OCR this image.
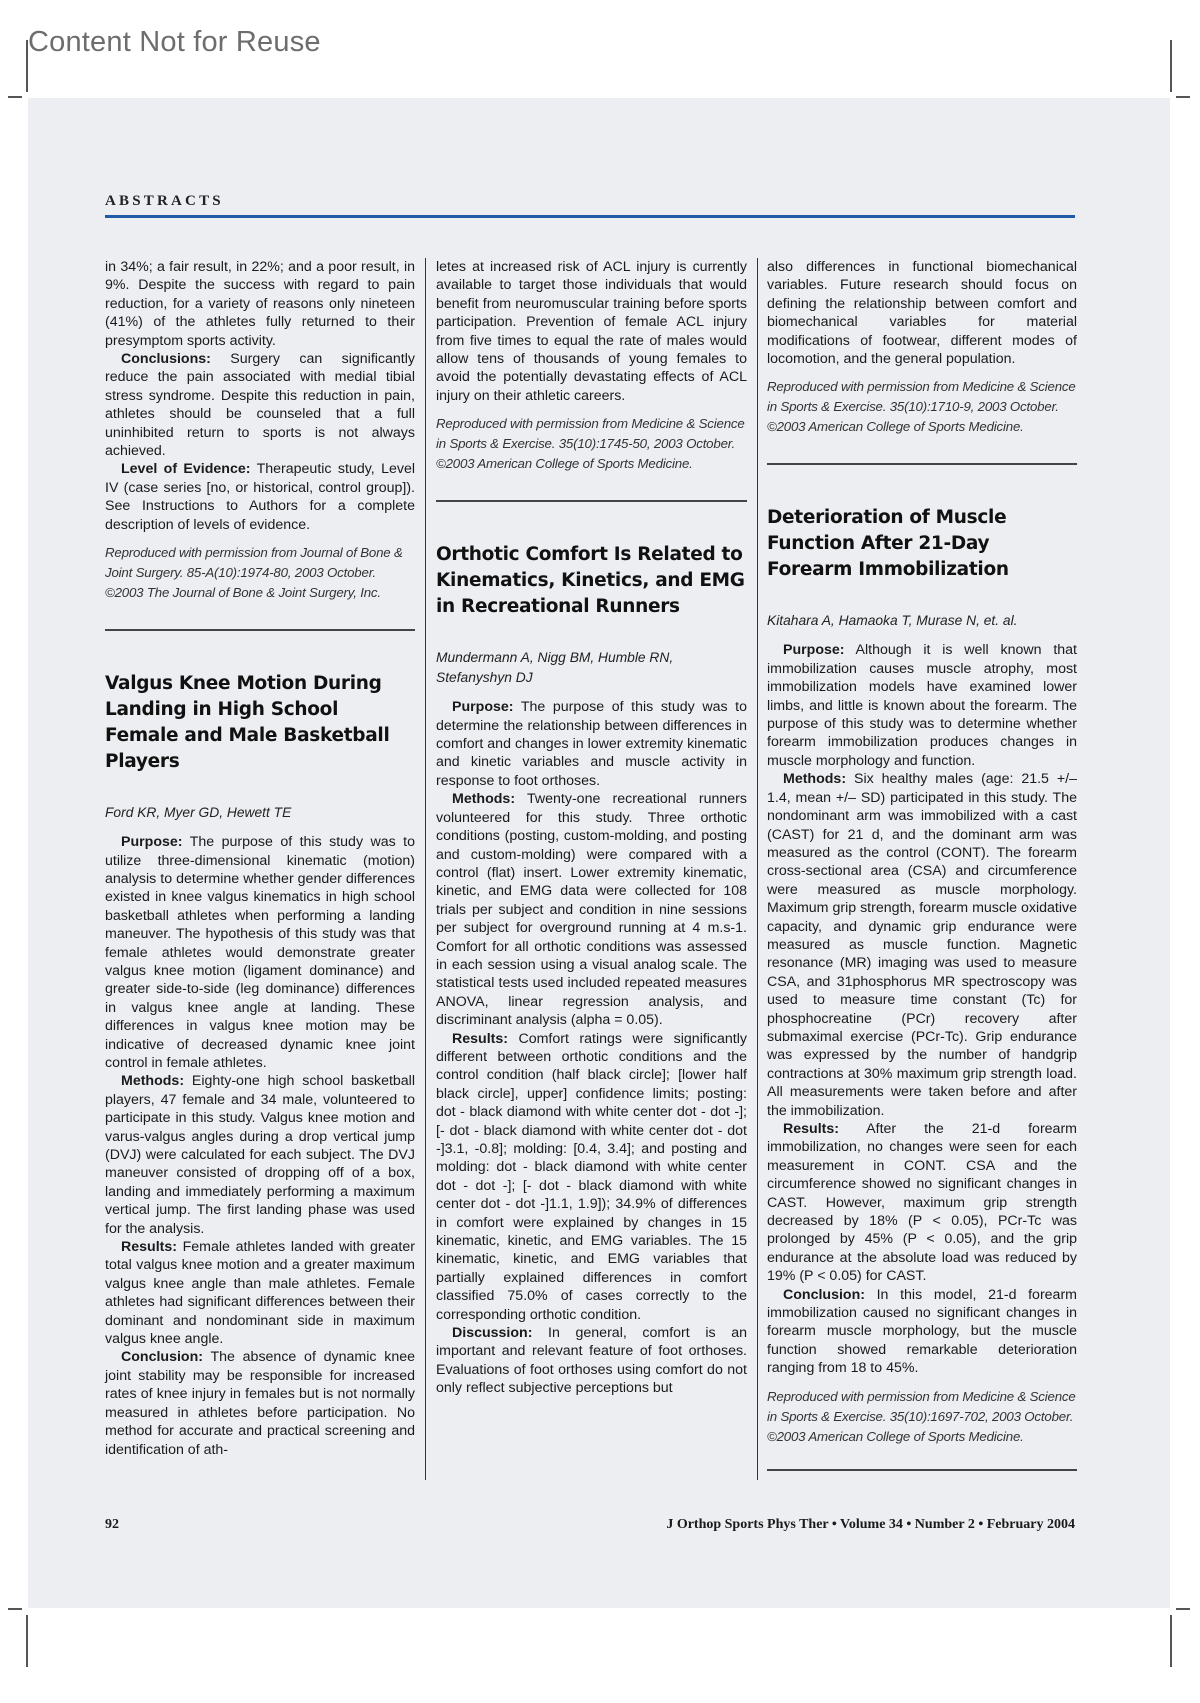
Content Not for Reuse
ABSTRACTS

in 34%; a fair result, in 22%; and a poor result, in 9%. Despite the success with regard to pain reduction, for a variety of reasons only nineteen (41%) of the athletes fully returned to their presymptom sports activity.

Conclusions: Surgery can significantly reduce the pain associated with medial tibial stress syndrome. Despite this reduction in pain, athletes should be counseled that a full uninhibited return to sports is not always achieved.

Level of Evidence: Therapeutic study, Level IV (case series [no, or historical, control group]). See Instructions to Authors for a complete description of levels of evidence.

Reproduced with permission from Journal of Bone & Joint Surgery. 85-A(10):1974-80, 2003 October. ©2003 The Journal of Bone & Joint Surgery, Inc.

Valgus Knee Motion During Landing in High School Female and Male Basketball Players

Ford KR, Myer GD, Hewett TE

Purpose: The purpose of this study was to utilize three-dimensional kinematic (motion) analysis to determine whether gender differences existed in knee valgus kinematics in high school basketball athletes when performing a landing maneuver. The hypothesis of this study was that female athletes would demonstrate greater valgus knee motion (ligament dominance) and greater side-to-side (leg dominance) differences in valgus knee angle at landing. These differences in valgus knee motion may be indicative of decreased dynamic knee joint control in female athletes.

Methods: Eighty-one high school basketball players, 47 female and 34 male, volunteered to participate in this study. Valgus knee motion and varus-valgus angles during a drop vertical jump (DVJ) were calculated for each subject. The DVJ maneuver consisted of dropping off of a box, landing and immediately performing a maximum vertical jump. The first landing phase was used for the analysis.

Results: Female athletes landed with greater total valgus knee motion and a greater maximum valgus knee angle than male athletes. Female athletes had significant differences between their dominant and nondominant side in maximum valgus knee angle.

Conclusion: The absence of dynamic knee joint stability may be responsible for increased rates of knee injury in females but is not normally measured in athletes before participation. No method for accurate and practical screening and identification of ath-

letes at increased risk of ACL injury is currently available to target those individuals that would benefit from neuromuscular training before sports participation. Prevention of female ACL injury from five times to equal the rate of males would allow tens of thousands of young females to avoid the potentially devastating effects of ACL injury on their athletic careers.

Reproduced with permission from Medicine & Science in Sports & Exercise. 35(10):1745-50, 2003 October. ©2003 American College of Sports Medicine.

Orthotic Comfort Is Related to Kinematics, Kinetics, and EMG in Recreational Runners

Mundermann A, Nigg BM, Humble RN, Stefanyshyn DJ

Purpose: The purpose of this study was to determine the relationship between differences in comfort and changes in lower extremity kinematic and kinetic variables and muscle activity in response to foot orthoses.

Methods: Twenty-one recreational runners volunteered for this study. Three orthotic conditions (posting, custom-molding, and posting and custom-molding) were compared with a control (flat) insert. Lower extremity kinematic, kinetic, and EMG data were collected for 108 trials per subject and condition in nine sessions per subject for overground running at 4 m.s-1. Comfort for all orthotic conditions was assessed in each session using a visual analog scale. The statistical tests used included repeated measures ANOVA, linear regression analysis, and discriminant analysis (alpha = 0.05).

Results: Comfort ratings were significantly different between orthotic conditions and the control condition (half black circle]; [lower half black circle], upper] confidence limits; posting: dot - black diamond with white center dot - dot -]; [- dot - black diamond with white center dot - dot -]3.1, -0.8]; molding: [0.4, 3.4]; and posting and molding: dot - black diamond with white center dot - dot -]; [- dot - black diamond with white center dot - dot -]1.1, 1.9]); 34.9% of differences in comfort were explained by changes in 15 kinematic, kinetic, and EMG variables. The 15 kinematic, kinetic, and EMG variables that partially explained differences in comfort classified 75.0% of cases correctly to the corresponding orthotic condition.

Discussion: In general, comfort is an important and relevant feature of foot orthoses. Evaluations of foot orthoses using comfort do not only reflect subjective perceptions but

also differences in functional biomechanical variables. Future research should focus on defining the relationship between comfort and biomechanical variables for material modifications of footwear, different modes of locomotion, and the general population.

Reproduced with permission from Medicine & Science in Sports & Exercise. 35(10):1710-9, 2003 October. ©2003 American College of Sports Medicine.

Deterioration of Muscle Function After 21-Day Forearm Immobilization

Kitahara A, Hamaoka T, Murase N, et. al.

Purpose: Although it is well known that immobilization causes muscle atrophy, most immobilization models have examined lower limbs, and little is known about the forearm. The purpose of this study was to determine whether forearm immobilization produces changes in muscle morphology and function.

Methods: Six healthy males (age: 21.5 +/– 1.4, mean +/– SD) participated in this study. The nondominant arm was immobilized with a cast (CAST) for 21 d, and the dominant arm was measured as the control (CONT). The forearm cross-sectional area (CSA) and circumference were measured as muscle morphology. Maximum grip strength, forearm muscle oxidative capacity, and dynamic grip endurance were measured as muscle function. Magnetic resonance (MR) imaging was used to measure CSA, and 31phosphorus MR spectroscopy was used to measure time constant (Tc) for phosphocreatine (PCr) recovery after submaximal exercise (PCr-Tc). Grip endurance was expressed by the number of handgrip contractions at 30% maximum grip strength load. All measurements were taken before and after the immobilization.

Results: After the 21-d forearm immobilization, no changes were seen for each measurement in CONT. CSA and the circumference showed no significant changes in CAST. However, maximum grip strength decreased by 18% (P < 0.05), PCr-Tc was prolonged by 45% (P < 0.05), and the grip endurance at the absolute load was reduced by 19% (P < 0.05) for CAST.

Conclusion: In this model, 21-d forearm immobilization caused no significant changes in forearm muscle morphology, but the muscle function showed remarkable deterioration ranging from 18 to 45%.

Reproduced with permission from Medicine & Science in Sports & Exercise. 35(10):1697-702, 2003 October. ©2003 American College of Sports Medicine.

92	J Orthop Sports Phys Ther • Volume 34 • Number 2 • February 2004
